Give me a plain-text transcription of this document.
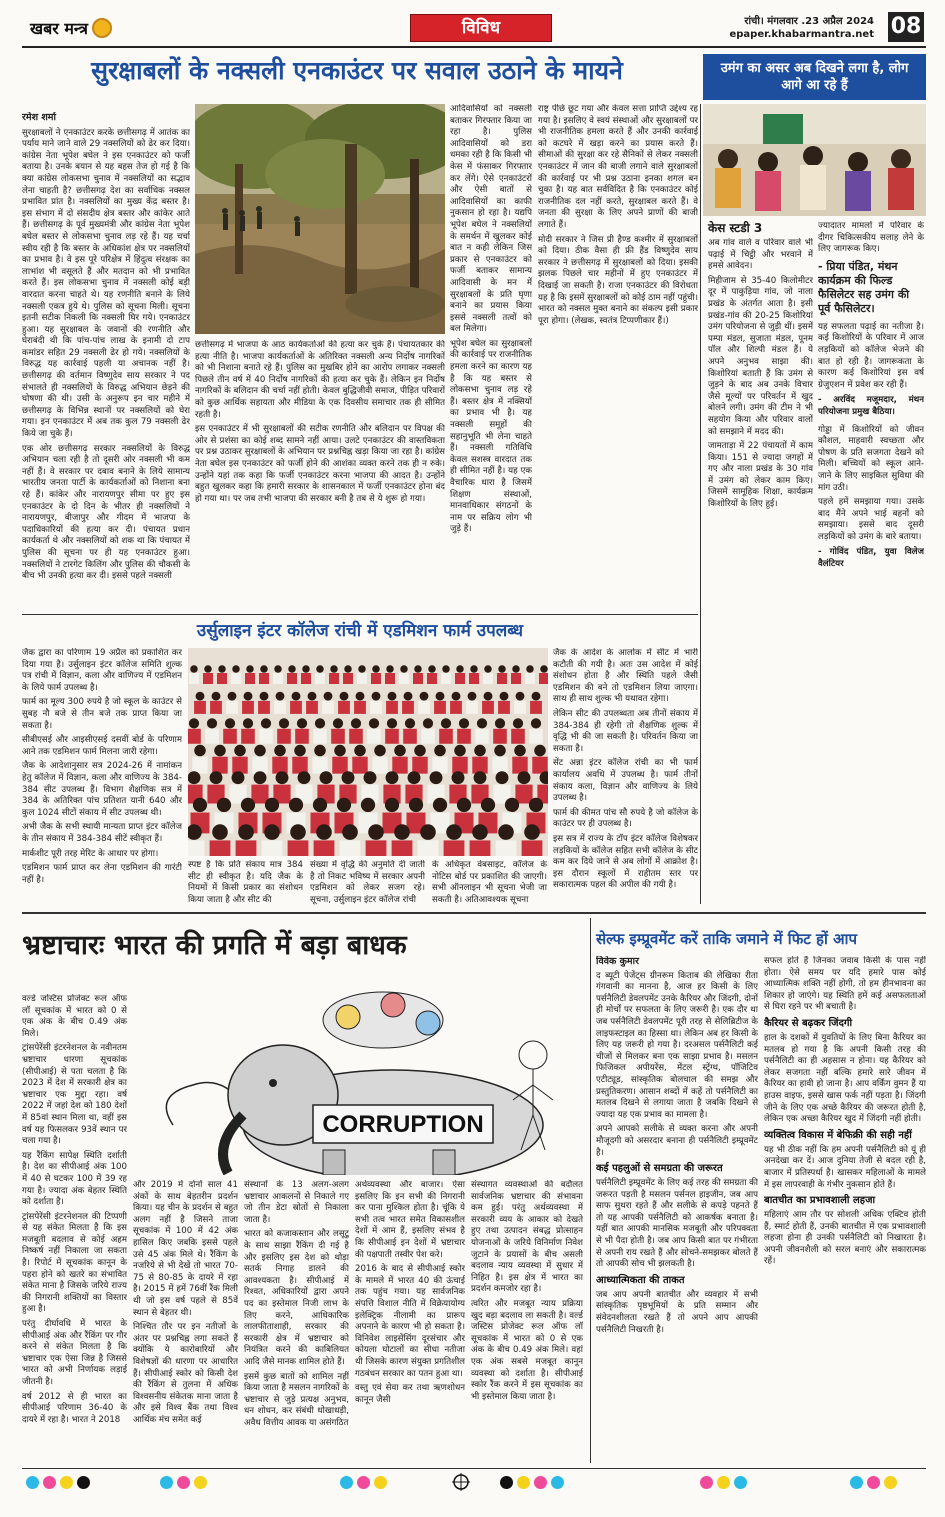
खबर मन्त्र	विविध	रांची। मंगलवार .23 अप्रैल 2024
epaper.khabarmantra.net 08
सुरक्षाबलों के नक्सली एनकाउंटर पर सवाल उठाने के मायने	उमंग का असर अब दिखने लगा है, लोग आगे आ रहे हैं
रमेश शर्मा

सुरक्षाबलों ने एनकाउंटर करके छत्तीसगढ़ में आतंक का पर्याय माने जाने वाले 29 नक्सलियों को ढेर कर दिया। कांग्रेस नेता भूपेश बघेल ने इस एनकाउंटर को फर्जी बताया है। उनके बयान से यह बहस तेज हो गई है कि क्या कांग्रेस लोकसभा चुनाव में नक्सलियों का सद्भाव लेना चाहती है? छत्तीसगढ़ देश का सर्वाधिक नक्सल प्रभावित प्रांत है। नक्सलियों का मुख्य केंद्र बस्तर है। इस संभाग में दो संसदीय क्षेत्र बस्तर और कांकेर आते हैं। छत्तीसगढ़ के पूर्व मुख्यमंत्री और कांग्रेस नेता भूपेश बघेल बस्तर से लोकसभा चुनाव लड़ रहे हैं। यह चर्चा स्वीय रही है कि बस्तर के अधिकांश क्षेत्र पर नक्सलियों का प्रभाव है। वे इस पूरे परिक्षेत्र में हिंदुत्व संरक्षक का लाभांश भी वसूलते हैं और मतदान को भी प्रभावित करते हैं। इस लोकसभा चुनाव में नक्सली कोई बड़ी वारदात करना चाहते थे। यह रणनीति बनाने के लिये नक्सली एकत्र हुये थे। पुलिस को सूचना मिली। सूचना इतनी सटीक निकली कि नक्सली घिर गये। एनकाउंटर हुआ। यह सुरक्षाबल के जवानों की रणनीति और घेराबंदी थी कि पांच-पांच लाख के इनामी दो टाप कमांडर सहित 29 नक्सली ढेर हो गये। नक्सलियों के विरुद्ध यह कार्रवाई पहली या अचानक नहीं है। छत्तीसगढ़ की वर्तमान विष्णुदेव साय सरकार ने पद संभालते ही नक्सलियों के विरुद्ध अभियान छेड़ने की घोषणा की थी। उसी के अनुरूप इन चार महीने में छत्तीसगढ़ के विभिन्न स्थानों पर नक्सलियों को घेरा गया। इन एनकाउंटर में अब तक कुल 79 नक्सली ढेर किये जा चुके हैं।

एक ओर छत्तीसगढ़ सरकार नक्सलियों के विरुद्ध अभियान चला रही है तो दूसरी ओर नक्सली भी कम नहीं हैं। वे सरकार पर दबाव बनाने के लिये सामान्य भारतीय जनता पार्टी के कार्यकर्ताओं को निशाना बना रहे हैं। कांकेर और नारायणपुर सीमा पर हुए इस एनकाउंटर के दो दिन के भीतर ही नक्सलियों ने नारायणपुर, बीजापुर और गीदम में भाजपा के पदाधिकारियों की हत्या कर दी। पंचायत प्रधान कार्यकर्ता थे और नक्सलियों को शक था कि पंचायत में पुलिस की सूचना पर ही यह एनकाउंटर हुआ। नक्सलियों ने टारगेट किलिंग और पुलिस की चौकसी के बीच भी उनकी हत्या कर दी। इससे पहले नक्सली

छत्तीसगढ़ में भाजपा के आठ कार्यकर्ताओं की हत्या कर चुके हैं। पंचायतकार की हत्या नीति है। भाजपा कार्यकर्ताओं के अतिरिक्त नक्सली अन्य निर्दोष नागरिकों को भी निशाना बनाते रहे हैं। पुलिस का मुखबिर होने का आरोप लगाकर नक्सली पिछले तीन वर्ष में 40 निर्दोष नागरिकों की हत्या कर चुके हैं। लेकिन इन निर्दोष नागरिकों के बलिदान की चर्चा नहीं होती। केवल बुद्धिजीवी समाज, पीड़ित परिवारों को कुछ आर्थिक सहायता और मीडिया के एक दिवसीय समाचार तक ही सीमित रहती है।

इस एनकाउंटर में भी सुरक्षाबलों की सटीक रणनीति और बलिदान पर विपक्ष की ओर से प्रशंसा का कोई शब्द सामने नहीं आया। उलटे एनकाउंटर की वास्तविकता पर प्रश्न उठाकर सुरक्षाबलों के अभियान पर प्रश्नचिह्न खड़ा किया जा रहा है। कांग्रेस नेता बघेल इस एनकाउंटर को फर्जी होने की आशंका व्यक्त करने तक ही न रुके। उन्होंने यहां तक कहा कि फर्जी एनकाउंटर करना भाजपा की आदत है। उन्होंने बहुत खुलकर कहा कि हमारी सरकार के शासनकाल में फर्जी एनकाउंटर होना बंद हो गया था। पर जब तभी भाजपा की सरकार बनी है तब से ये शुरू हो गया।

आदिवासियों को नक्सली बताकर गिरफ्तार किया जा रहा है। पुलिस आदिवासियों को डरा धमका रही है कि किसी भी केस में फंसाकर गिरफ्तार कर लेंगे। ऐसे एनकाउंटरों और ऐसी बातों से आदिवासियों का काफी नुकसान हो रहा है। यद्यपि भूपेश बघेल ने नक्सलियों के समर्थन में खुलकर कोई बात न कही लेकिन जिस प्रकार से एनकाउंटर को फर्जी बताकर सामान्य आदिवासी के मन में सुरक्षाबलों के प्रति घृणा बनाने का प्रयास किया इससे नक्सली तत्वों को बल मिलेगा।

भूपेश बघेल का सुरक्षाबलों की कार्रवाई पर राजनीतिक हमला करने का कारण यह है कि यह बस्तर से लोकसभा चुनाव लड़ रहे हैं। बस्तर क्षेत्र में नक्सियों का प्रभाव भी है। यह नक्सली समूहों की सहानुभूति भी लेना चाहते हैं। नक्सली गतिविधि केवल सशस्त्र वारदात तक ही सीमित नहीं है। यह एक वैचारिक धारा है जिसमें शिक्षण संस्थाओं, मानवाधिकार संगठनों के नाम पर सक्रिय लोग भी जुड़े हैं।

राष्ट्र पीछे छूट गया और केवल सत्ता प्राप्ति उद्देश्य रह गया है। इसलिए वे स्वयं संस्थाओं और सुरक्षाबलों पर भी राजनीतिक हमला करते हैं और उनकी कार्रवाई को कटघरे में खड़ा करने का प्रयास करते हैं। सीमाओं की सुरक्षा कर रहे सैनिकों से लेकर नक्सली एनकाउंटर में जान की बाजी लगाने वाले सुरक्षाबलों की कार्रवाई पर भी प्रश्न उठाना इनका शगल बन चुका है। यह बात सर्वविदित है कि एनकाउंटर कोई राजनीतिक दल नहीं करते, सुरक्षाबल करते हैं। वे जनता की सुरक्षा के लिए अपने प्राणों की बाजी लगाते हैं।

मोदी सरकार ने जिस प्री हैण्ड कश्मीर में सुरक्षाबलों को दिया। ठीक वैसा ही फ्री हैंड विष्णुदेव साय सरकार ने छत्तीसगढ़ में सुरक्षाबलों को दिया। इसकी झलक पिछले चार महीनों में हुए एनकाउंटर में दिखाई जा सकती है। राजा एनकाउंटर की विरोधता यह है कि इसमें सुरक्षाबलों को कोई ठाम नहीं पहुंची। भारत को नक्सल मुक्त बनाने का संकल्प इसी प्रकार पूरा होगा। (लेखक, स्वतंत्र टिप्पणीकार हैं।)

केस स्टडी 3

अब गांव वाले व परिवार वाले भी पढ़ाई में चिट्ठी और भरवाने में हमसे आवेदन।

मिहीजाम से 35-40 किलोमीटर दूर में पाकुड़िया गांव, जो नाला प्रखंड के अंतर्गत आता है। इसी प्रखंड-गांव की 20-25 किशोरियां उमंग परियोजना से जुड़ी थीं। इसमें पम्पा मंडल, सुजाता मंडल, पूनम पॉल और शिल्पी मंडल हैं। ये अपने अनुभव साझा की। किशोरियां बताती हैं कि उमंग से जुड़ने के बाद अब उनके विचार जैसे मूल्यों पर परिवर्तन में खुद बोलने लगी। उमंग की टीम ने भी सहयोग किया और परिवार वालों को समझाने में मदद की।

जामताड़ा में 22 पंचायतों में काम किया। 151 से ज्यादा जगहों में गए और नाला प्रखंड के 30 गांव में उमंग को लेकर काम किए। जिसमें सामूहिक शिक्षा, कार्यक्रम किशोरियों के लिए हुई।

ज्यादातर मामलों में परिवार के दीगर चिकित्सकीय सलाह लेने के लिए जागरूक किए।

- प्रिया पंडित, मंथन कार्यक्रम की फिल्ड फैसिलेटर सह उमंग की पूर्व फैसिलेटर।

यह सफलता पढ़ाई का नतीजा है। कई किशोरियों के परिवार में आज लड़कियों को कॉलेज भेजने की बात हो रही है। जागरूकता के कारण कई किशोरियां इस वर्ष ग्रेजुएशन में प्रवेश कर रही हैं।

- अरविंद मजूमदार, मंथन परियोजना प्रमुख बैठिया।

गोड्डा में किशोरियों को जीवन कौशल, माहवारी स्वच्छता और पोषण के प्रति सजगता देखने को मिली। बच्चियों को स्कूल आने-जाने के लिए साइकिल सुविधा की मांग उठी।

पहले हमें समझाया गया। उसके बाद मैंने अपने भाई बहनों को समझाया। इससे बाद दूसरी लड़कियों को उमंग के बारे बताया।

- गोविंद पंडित, युवा विलेज वैलंटियर
उर्सुलाइन इंटर कॉलेज रांची में एडमिशन फार्म उपलब्ध

जैक द्वारा का परिणाम 19 अप्रैल को प्रकाशित कर दिया गया है। उर्सुलाइन इंटर कॉलेज समिति शुल्क पत्र रांची में विज्ञान, कला और वाणिज्य में एडमिशन के लिये फार्म उपलब्ध है।

फार्म का मूल्य 300 रुपये है जो स्कूल के काउंटर से सुबह नौ बजे से तीन बजे तक प्राप्त किया जा सकता है।

सीबीएसई और आइसीएसई दसवीं बोर्ड के परिणाम आने तक एडमिशन फार्म मिलना जारी रहेगा।

जैक के आदेशानुसार सत्र 2024-26 में नामांकन हेतु कॉलेज में विज्ञान, कला और वाणिज्य के 384-384 सीट उपलब्ध हैं। विभाग शैक्षणिक सत्र में 384 के अतिरिक्त पांच प्रतिशत यानी 640 और कुल 1024 सीटों संकाय में सीट उपलब्ध थी।

अभी जैक के सभी स्थायी मान्यता प्राप्त इंटर कॉलेज के तीन संकाय में 384-384 सीटें स्वीकृत हैं।

मार्कशीट पूरी तरह मेरिट के आधार पर होगा।

एडमिशन फार्म प्राप्त कर लेना एडमिशन की गारंटी नहीं है।

जैक के आदेश के आलोक में सीट में भारी कटौती की गयी है। अतः उस आदेश में कोई संशोधन होता है और स्थिति पहले जैसी एडमिशन की बने तो एडमिशन लिया जाएगा। साथ ही साथ शुल्क भी यथावत रहेगा।

लेकिन सीट की उपलब्धता अब तीनों संकाय में 384-384 ही रहेगी तो शैक्षणिक शुल्क में वृद्धि भी की जा सकती है। परिवर्तन किया जा सकता है।

सेंट अन्ना इंटर कॉलेज रांची का भी फार्म कार्यालय अवधि में उपलब्ध है। फार्म तीनों संकाय कला, विज्ञान और वाणिज्य के लिये उपलब्ध है।

फार्म की कीमत पांच सौ रुपये है जो कॉलेज के काउंटर पर ही उपलब्ध है।

इस सत्र में राज्य के टॉप इंटर कॉलेज विशेषकर लड़कियों के कॉलेज सहित सभी कॉलेज के सीट कम कर दिये जाने से अब लोगों में आक्रोश है। इस दौरान स्कूलों में राहीतम स्तर पर सकारात्मक पहल की अपील की गयी है।

स्पष्ट है कि प्रति संकाय मात्र 384 सीट ही स्वीकृत है। यदि जैक के नियमों में किसी प्रकार का संशोधन किया जाता है और सीट की
संख्या में वृद्धि की अनुमति दी जाती है तो निकट भविष्य में सरकार अपनी एडमिशन को लेकर सजग रहे। सूचना, उर्सुलाइन इंटर कॉलेज रांची
के अधिकृत वेबसाइट, कॉलेज के नोटिस बोर्ड पर प्रकाशित की जाएगी। सभी ऑनलाइन भी सूचना भेजी जा सकती है। अतिआवश्यक सूचना
भ्रष्टाचारः भारत की प्रगति में बड़ा बाधक

वर्ल्ड जस्टिस प्रोजेक्ट रूल ऑफ लॉ सूचकांक में भारत को 0 से एक अंक के बीच 0.49 अंक मिले।

ट्रांसपेरेंसी इंटरनेशनल के नवीनतम भ्रष्टाचार धारणा सूचकांक (सीपीआई) से पता चलता है कि 2023 में देश में सरकारी क्षेत्र का भ्रष्टाचार एक मुद्दा रहा। वर्ष 2022 में जहां देश को 180 देशों में 85वां स्थान मिला था, वहीं इस वर्ष यह फिसलकर 93वें स्थान पर चला गया है।

यह रैंकिंग सापेक्ष स्थिति दर्शाती है। देश का सीपीआई अंक 100 में 40 से घटकर 100 में 39 रह गया है। ज्यादा अंक बेहतर स्थिति को दर्शाता है।

ट्रांसपेरेंसी इंटरनेशनल की टिप्पणी से यह संकेत मिलता है कि इस मजबूती बदलाव से कोई अहम निष्कर्ष नहीं निकाला जा सकता है। रिपोर्ट में सूचकांक कानून के पहरा होने को खतरे का संभावित संकेत माना है जिसके जरिये राज्य की निगरानी शक्तियों का विस्तार हुआ है।

परंतु दीर्घावधि में भारत के सीपीआई अंक और रैंकिंग पर गौर करने से संकेत मिलता है कि भ्रष्टाचार एक ऐसा जिन्न है जिससे भारत को अभी निर्णायक लड़ाई जीतनी है।

वर्ष 2012 से ही भारत का सीपीआई परिणाम 36-40 के दायरे में रहा है। भारत ने 2018

CORRUPTION

और 2019 में दोनों साल 41 अंकों के साथ बेहतरीन प्रदर्शन किया। यह चीन के प्रदर्शन से बहुत अलग नहीं है जिसने ताजा सूचकांक में 100 में 42 अंक हासिल किए जबकि इससे पहले उसे 45 अंक मिले थे। रैंकिंग के नजरिये से भी देखें तो भारत 70-75 से 80-85 के दायरे में रहा है। 2015 में हमें 76वीं रैंक मिली थी जो इस वर्ष पहले से 85वें स्थान से बेहतर थी।

निश्चित तौर पर इन नतीजों के अंतर पर प्रश्नचिह्न लगा सकते हैं क्योंकि ये कारोबारियों और विशेषज्ञों की धारणा पर आधारित हैं। सीपीआई स्कोर को किसी देश की रैंकिंग से तुलना में अधिक विश्वसनीय संकेतक माना जाता है और इसे विश्व बैंक तथा विश्व आर्थिक मंच समेत कई

संस्थानों के 13 अलग-अलग भ्रष्टाचार आकलनों से निकाले गए जो तीन डेटा स्रोतों से निकाला जाता है।

भारत को कजाकस्तान और लसूटू के साथ साझा रैंकिंग दी गई है और इसलिए इस देश को थोड़ा सतर्क निगाह डालने की आवश्यकता है। सीपीआई में रिश्वत, अधिकारियों द्वारा अपने पद का इस्तेमाल निजी लाभ के लिए करने, आधिकारिक लालफीताशाही, सरकार की सरकारी क्षेत्र में भ्रष्टाचार को नियंत्रित करने की काबिलियत आदि जैसे मानक शामिल होते हैं।

इसमें कुछ बातों को शामिल नहीं किया जाता है मसलन नागरिकों के भ्रष्टाचार से जुड़े प्रत्यक्ष अनुभव, धन शोधन, कर संबंधी धोखाधड़ी, अवैध वित्तीय आवक या असंगठित

अर्थव्यवस्था और बाजार। ऐसा इसलिए कि इन सभी की निगरानी कर पाना मुश्किल होता है। चूंकि ये सभी तत्व भारत समेत विकासशील देशों में आम हैं, इसलिए संभव है कि सीपीआई इन देशों में भ्रष्टाचार की पक्षपाती तस्वीर पेश करे।

2016 के बाद से सीपीआई स्कोर के मामले में भारत 40 की ऊंचाई तक पहुंच गया। यह सार्वजनिक संपत्ति विशाल नीति में विक्रेयायोग्य इलेक्ट्रिक नीलामी का प्रारूप अपनाने के कारण भी हो सकता है। विनिवेश लाइसेंसिंग दूरसंचार और कोयला घोटालों का सीधा नतीजा थी जिसके कारण संयुक्त प्रगतिशील गठबंधन सरकार का पतन हुआ था।

वस्तु एवं सेवा कर तथा ऋणशोधन कानून जैसी

संस्थागत व्यवस्थाओं की बदौलत सार्वजनिक भ्रष्टाचार की संभावना कम हुई। परंतु अर्थव्यवस्था में सरकारी व्यय के आकार को देखते हुए तथा उत्पादन संबद्ध प्रोत्साहन योजनाओं के जरिये विनिर्माण निवेश जुटाने के प्रयासों के बीच असली बदलाव न्याय व्यवस्था में सुधार में निहित है। इस क्षेत्र में भारत का प्रदर्शन कमजोर रहा है।

त्वरित और मजबूत न्याय प्रक्रिया खुद बड़ा बदलाव ला सकती है। वर्ल्ड जस्टिस प्रोजेक्ट रूल ऑफ लॉ सूचकांक में भारत को 0 से एक अंक के बीच 0.49 अंक मिले। वहां एक अंक सबसे मजबूत कानून व्यवस्था को दर्शाता है। सीपीआई स्कोर रैंक करने में इस सूचकांक का भी इस्तेमाल किया जाता है।

सेल्फ इम्प्रूवमेंट करें ताकि जमाने में फिट हों आप
विवेक कुमार

द ब्यूटी पेजेंट्स ग्रीनरूम किताब की लेखिका रीता गंगवानी का मानना है, आज हर किसी के लिए पर्सनैलिटी डेवलपमेंट उनके कैरियर और जिंदगी, दोनों ही मोर्चों पर सफलता के लिए जरूरी है। एक दौर था जब पर्सनैलिटी डेवलपमेंट पूरी तरह से सेलिब्रिटीज के लाइफस्टाइल का हिस्सा था। लेकिन अब हर किसी के लिए यह जरूरी हो गया है। दरअसल पर्सनैलिटी कई चीजों से मिलकर बना एक साझा प्रभाव है। मसलन फिजिकल अपीयरेंस, मेंटल स्ट्रेंग्थ, पॉजिटिव एटीट्यूड, सांस्कृतिक बोलचाल की समझ और प्रस्तुतिकरण। आसान शब्दों में कहें तो पर्सनैलिटी का मतलब दिखने से लगाया जाता है जबकि दिखने से ज्यादा यह एक प्रभाव का मामला है।

अपने आपको सलीके से व्यक्त करना और अपनी मौजूदगी को असरदार बनाना ही पर्सनैलिटी इम्प्रूवमेंट है।

कई पहलुओं से समग्रता की जरूरत

पर्सनैलिटी इम्प्रूवमेंट के लिए कई तरह की समग्रता की जरूरत पड़ती है मसलन पर्सनल हाइजीन, जब आप साफ सुथरा रहते हैं और सलीके से कपड़े पहनते हैं तो यह आपकी पर्सनैलिटी को आकर्षक बनाता है। यहीं बात आपकी मानसिक मजबूती और परिपक्वता से भी पैदा होती है। जब आप किसी बात पर गंभीरता से अपनी राय रखते हैं और सोचने-समझकर बोलते हैं तो आपकी सोच भी झलकती है।

आध्यात्मिकता की ताकत

जब आप अपनी बातचीत और व्यवहार में सभी सांस्कृतिक पृष्ठभूमियों के प्रति सम्मान और संवेदनशीलता रखते हैं तो अपने आप आपकी पर्सनैलिटी निखरती है।

सफल होते हैं जिनका जवाब किसी के पास नहीं होता। ऐसे समय पर यदि हमारे पास कोई आध्यात्मिक शक्ति नहीं होगी, तो हम हीनभावना का शिकार हो जाएंगे। यह स्थिति हमें कई असफलताओं से घिरा रहने पर भी बचाती है।

कैरियर से बढ़कर जिंदगी

हाल के दशकों में युवतियों के लिए बिना कैरियर का मतलब हो गया है कि अपनी किसी तरह की पर्सनैलिटी का ही अहसास न होना। यह कैरियर को लेकर सजगता नहीं बल्कि हमारे सारे जीवन में कैरियर का हावी हो जाना है। आप वर्किंग वुमन हैं या हाउस वाइफ, इससे खास फर्क नहीं पड़ता है। जिंदगी जीने के लिए एक अच्छे कैरियर की जरूरत होती है, लेकिन एक अच्छा कैरियर खुद में जिंदगी नहीं होती।

व्यक्तित्व विकास में बेफिक्री की सही नहीं

यह भी ठीक नहीं कि हम अपनी पर्सनैलिटी को यूं ही अनदेखा कर दें। आज दुनिया तेजी से बदल रही है, बाजार में प्रतिस्पर्धा है। खासकर महिलाओं के मामले में इस लापरवाही के गंभीर नुकसान होते हैं।

बातचीत का प्रभावशाली लहजा

महिलाएं आम तौर पर सोशली अधिक एक्टिव होती हैं, स्मार्ट होती हैं, उनकी बातचीत में एक प्रभावशाली लहजा होना ही उनकी पर्सनैलिटी को निखारता है। अपनी जीवनशैली को सरल बनाएं और सकारात्मक रहें।
